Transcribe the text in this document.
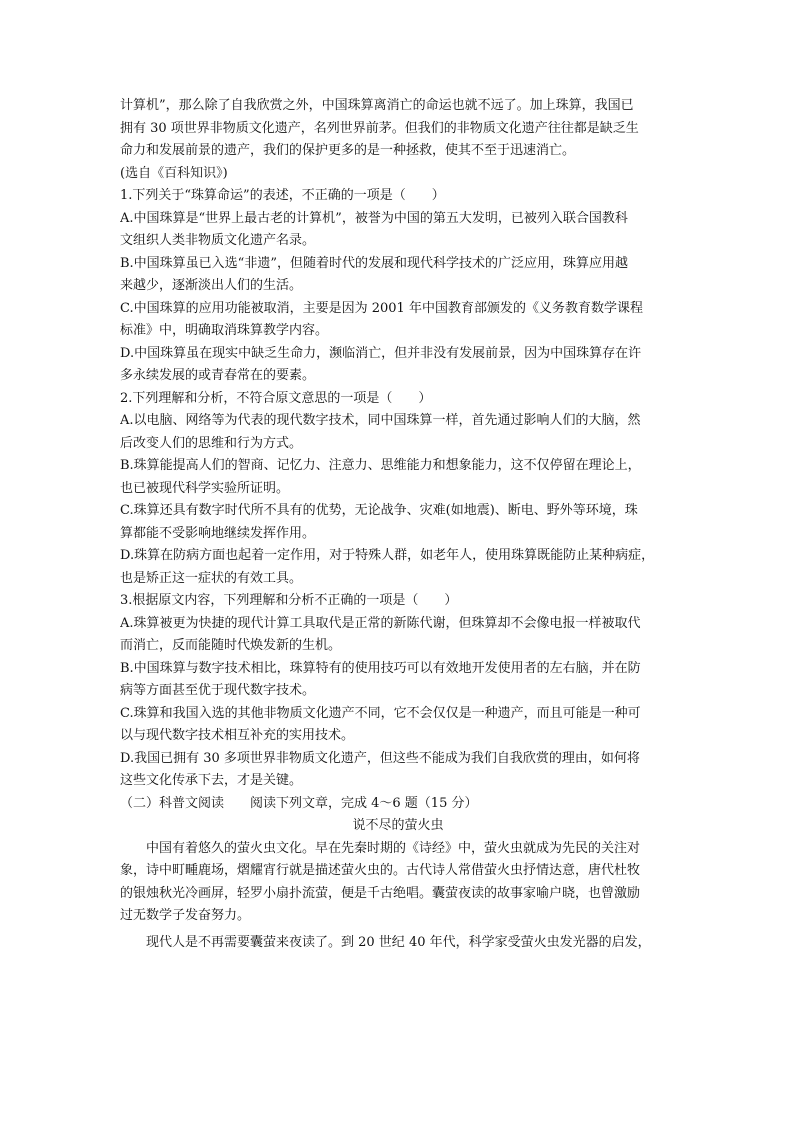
计算机”，那么除了自我欣赏之外，中国珠算离消亡的命运也就不远了。加上珠算，我国已
拥有 30 项世界非物质文化遗产，名列世界前茅。但我们的非物质文化遗产往往都是缺乏生
命力和发展前景的遗产，我们的保护更多的是一种拯救，使其不至于迅速消亡。
(选自《百科知识》)
1.下列关于“珠算命运”的表述，不正确的一项是（　　）
A.中国珠算是“世界上最古老的计算机”，被誉为中国的第五大发明，已被列入联合国教科
文组织人类非物质文化遗产名录。
B.中国珠算虽已入选“非遗”，但随着时代的发展和现代科学技术的广泛应用，珠算应用越
来越少，逐渐淡出人们的生活。
C.中国珠算的应用功能被取消，主要是因为 2001 年中国教育部颁发的《义务教育数学课程
标准》中，明确取消珠算教学内容。
D.中国珠算虽在现实中缺乏生命力，濒临消亡，但并非没有发展前景，因为中国珠算存在许
多永续发展的或青春常在的要素。
2.下列理解和分析，不符合原文意思的一项是（　　）
A.以电脑、网络等为代表的现代数字技术，同中国珠算一样，首先通过影响人们的大脑，然
后改变人们的思维和行为方式。
B.珠算能提高人们的智商、记忆力、注意力、思维能力和想象能力，这不仅停留在理论上，
也已被现代科学实验所证明。
C.珠算还具有数字时代所不具有的优势，无论战争、灾难(如地震)、断电、野外等环境，珠
算都能不受影响地继续发挥作用。
D.珠算在防病方面也起着一定作用，对于特殊人群，如老年人，使用珠算既能防止某种病症，
也是矫正这一症状的有效工具。
3.根据原文内容，下列理解和分析不正确的一项是（　　）
A.珠算被更为快捷的现代计算工具取代是正常的新陈代谢，但珠算却不会像电报一样被取代
而消亡，反而能随时代焕发新的生机。
B.中国珠算与数字技术相比，珠算特有的使用技巧可以有效地开发使用者的左右脑，并在防
病等方面甚至优于现代数字技术。
C.珠算和我国入选的其他非物质文化遗产不同，它不会仅仅是一种遗产，而且可能是一种可
以与现代数字技术相互补充的实用技术。
D.我国已拥有 30 多项世界非物质文化遗产，但这些不能成为我们自我欣赏的理由，如何将
这些文化传承下去，才是关键。
（二）科普文阅读　　阅读下列文章，完成 4～6 题（15 分）
说不尽的萤火虫
中国有着悠久的萤火虫文化。早在先秦时期的《诗经》中，萤火虫就成为先民的关注对
象，诗中町畽鹿场，熠耀宵行就是描述萤火虫的。古代诗人常借萤火虫抒情达意，唐代杜牧
的银烛秋光冷画屏，轻罗小扇扑流萤，便是千古绝唱。囊萤夜读的故事家喻户晓，也曾激励
过无数学子发奋努力。
现代人是不再需要囊萤来夜读了。到 20 世纪 40 年代，科学家受萤火虫发光器的启发，
